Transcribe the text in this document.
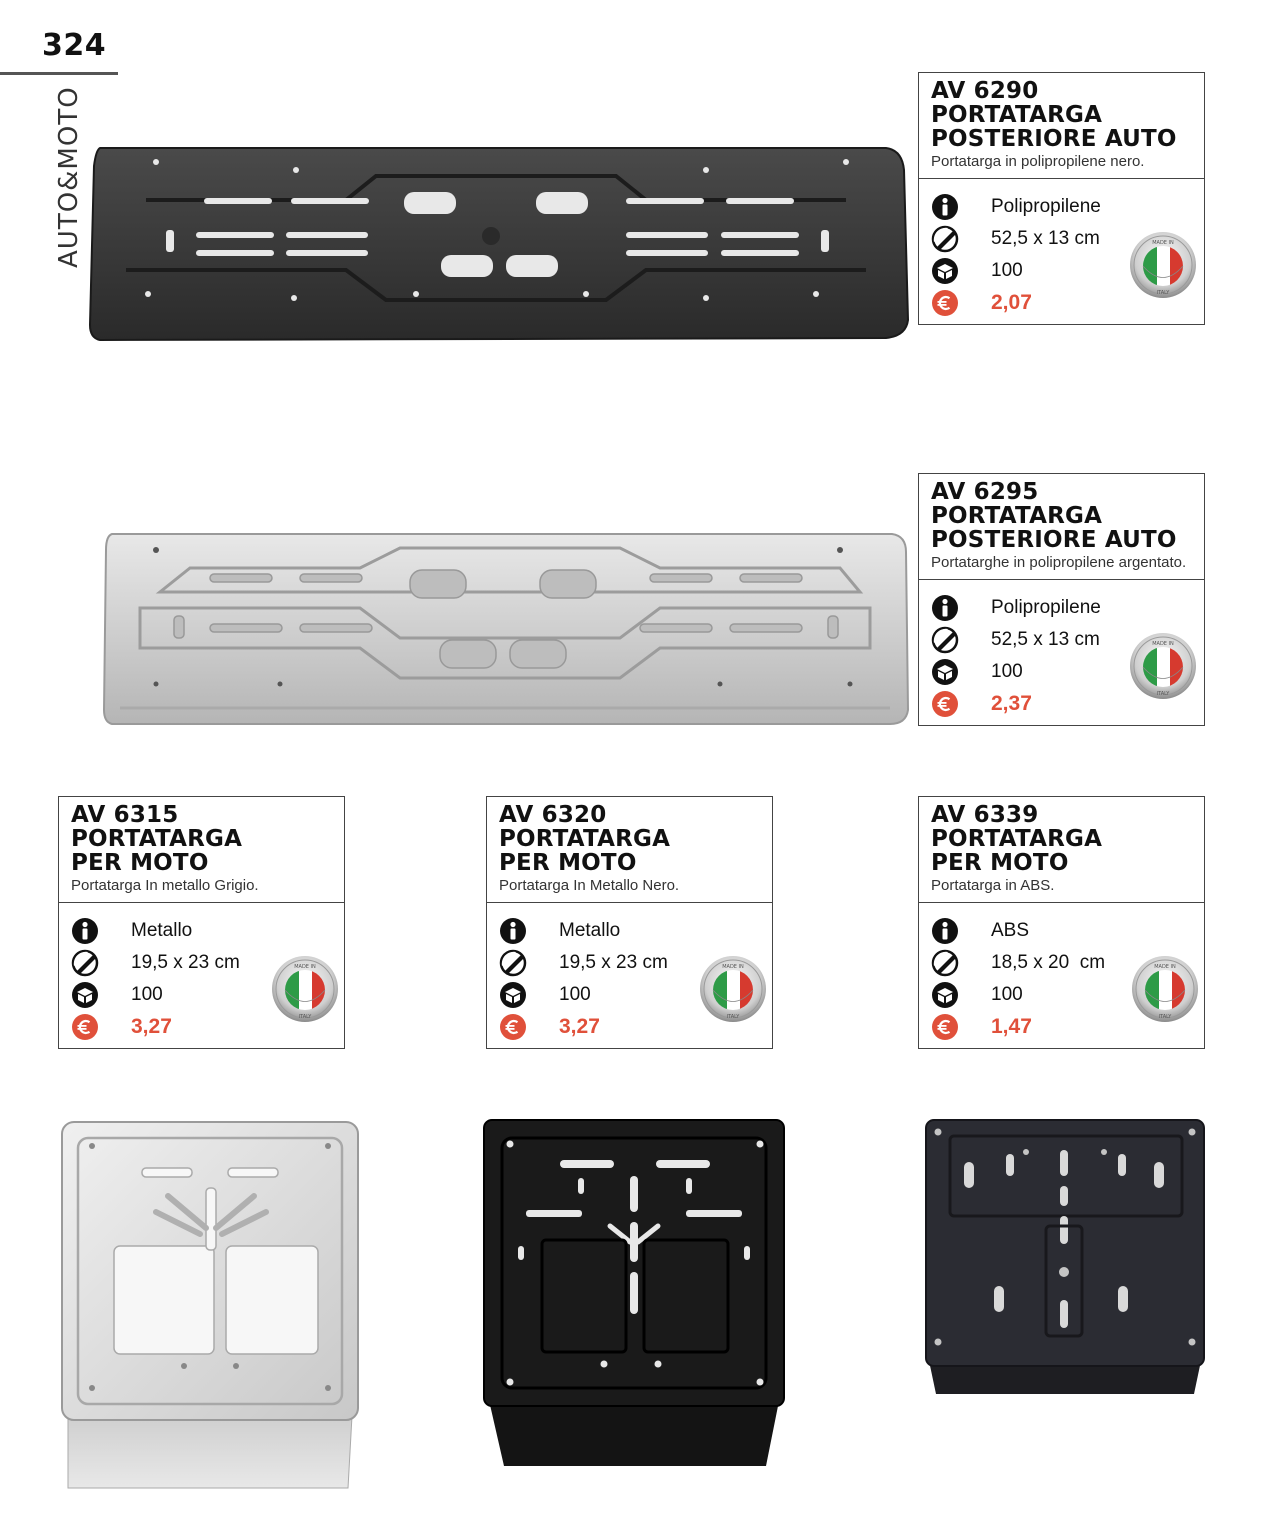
324
AUTO&MOTO	AV 6290
PORTATARGA
POSTERIORE AUTO
Portatarga in polipropilene nero.
Polipropilene
52,5 x 13 cm
100
2,07
AV 6295
PORTATARGA
POSTERIORE AUTO
Portatarghe in polipropilene argentato.
Polipropilene
52,5 x 13 cm
100
2,37
AV 6315
PORTATARGA
PER MOTO
Portatarga In metallo Grigio.
Metallo
19,5 x 23 cm
100
3,27
AV 6320
PORTATARGA
PER MOTO
Portatarga In Metallo Nero.
Metallo
19,5 x 23 cm
100
3,27
AV 6339
PORTATARGA
PER MOTO
Portatarga in ABS.
ABS
18,5 x 20  cm
100
1,47
